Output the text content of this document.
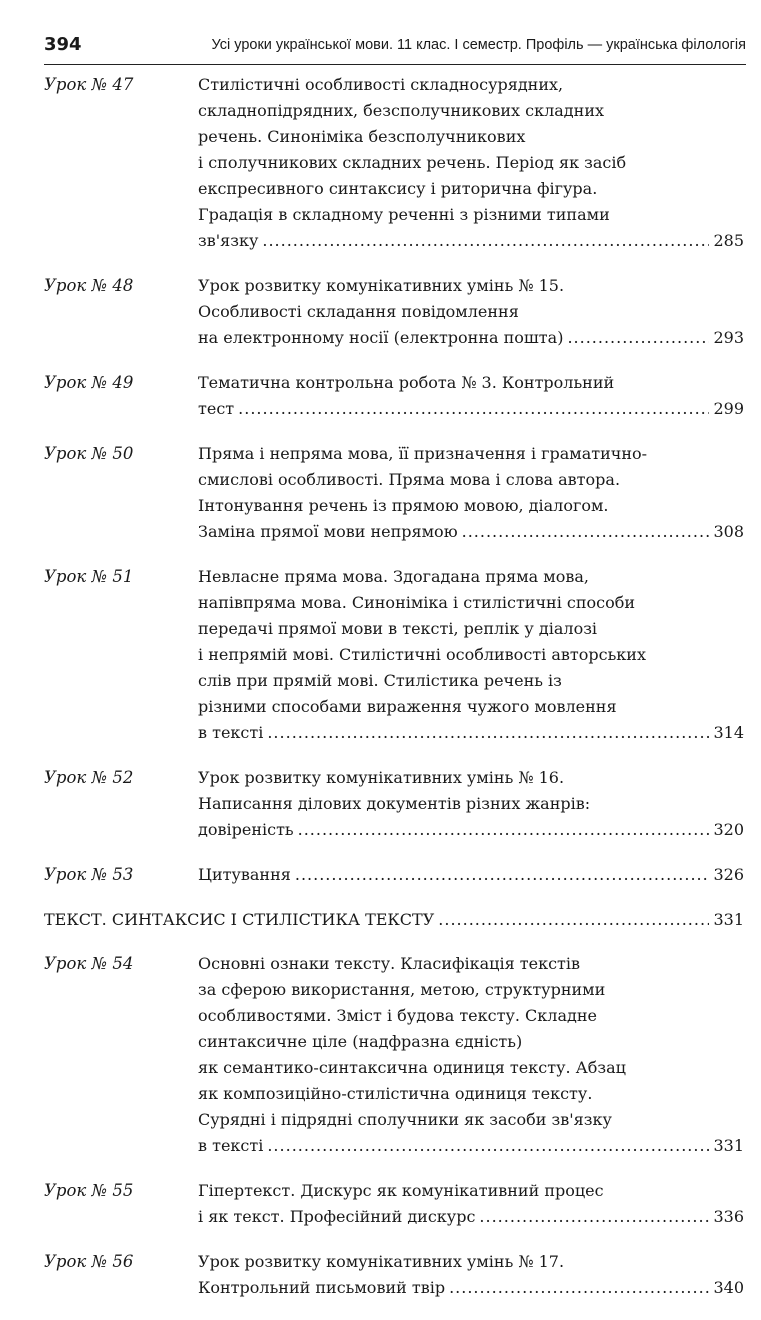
394	Усі уроки української мови. 11 клас. І семестр. Профіль — українська філологія
Урок № 47	Стилістичні особливості складносурядних,
складнопідрядних, безсполучникових складних
речень. Синоніміка безсполучникових
і сполучникових складних речень. Період як засіб
експресивного синтаксису і риторична фігура.
Градація в складному реченні з різними типами
зв'язку .....	285
Урок № 48	Урок розвитку комунікативних умінь № 15.
Особливості складання повідомлення
на електронному носії (електронна пошта) .....	293
Урок № 49	Тематична контрольна робота № 3. Контрольний
тест .....	299
Урок № 50	Пряма і непряма мова, її призначення і граматично-
смислові особливості. Пряма мова і слова автора.
Інтонування речень із прямою мовою, діалогом.
Заміна прямої мови непрямою .....	308
Урок № 51	Невласне пряма мова. Здогадана пряма мова,
напівпряма мова. Синоніміка і стилістичні способи
передачі прямої мови в тексті, реплік у діалозі
і непрямій мові. Стилістичні особливості авторських
слів при прямій мові. Стилістика речень із
різними способами вираження чужого мовлення
в тексті .....	314
Урок № 52	Урок розвитку комунікативних умінь № 16.
Написання ділових документів різних жанрів:
довіреність .....	320
Урок № 53	Цитування .....	326
ТЕКСТ. СИНТАКСИС І СТИЛІСТИКА ТЕКСТУ .....	331
Урок № 54	Основні ознаки тексту. Класифікація текстів
за сферою використання, метою, структурними
особливостями. Зміст і будова тексту. Складне
синтаксичне ціле (надфразна єдність)
як семантико-синтаксична одиниця тексту. Абзац
як композиційно-стилістична одиниця тексту.
Сурядні і підрядні сполучники як засоби зв'язку
в тексті .....	331
Урок № 55	Гіпертекст. Дискурс як комунікативний процес
і як текст. Професійний дискурс .....	336
Урок № 56	Урок розвитку комунікативних умінь № 17.
Контрольний письмовий твір .....	340
